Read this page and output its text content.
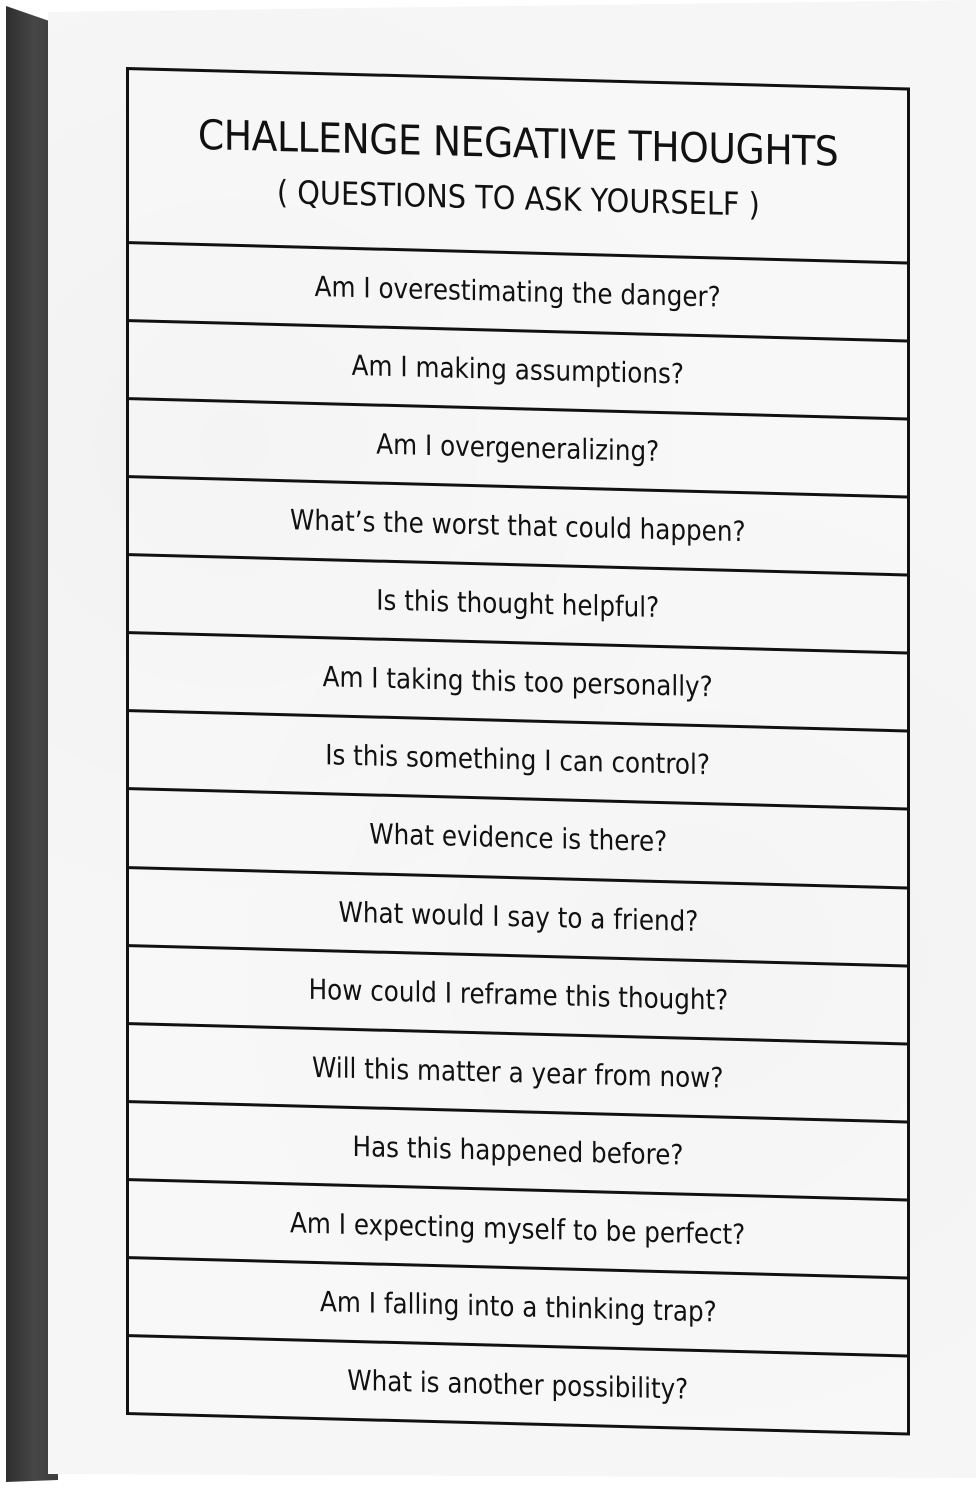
CHALLENGE NEGATIVE THOUGHTS
( QUESTIONS TO ASK YOURSELF )
Am I overestimating the danger?
Am I making assumptions?
Am I overgeneralizing?
What’s the worst that could happen?
Is this thought helpful?
Am I taking this too personally?
Is this something I can control?
What evidence is there?
What would I say to a friend?
How could I reframe this thought?
Will this matter a year from now?
Has this happened before?
Am I expecting myself to be perfect?
Am I falling into a thinking trap?
What is another possibility?
